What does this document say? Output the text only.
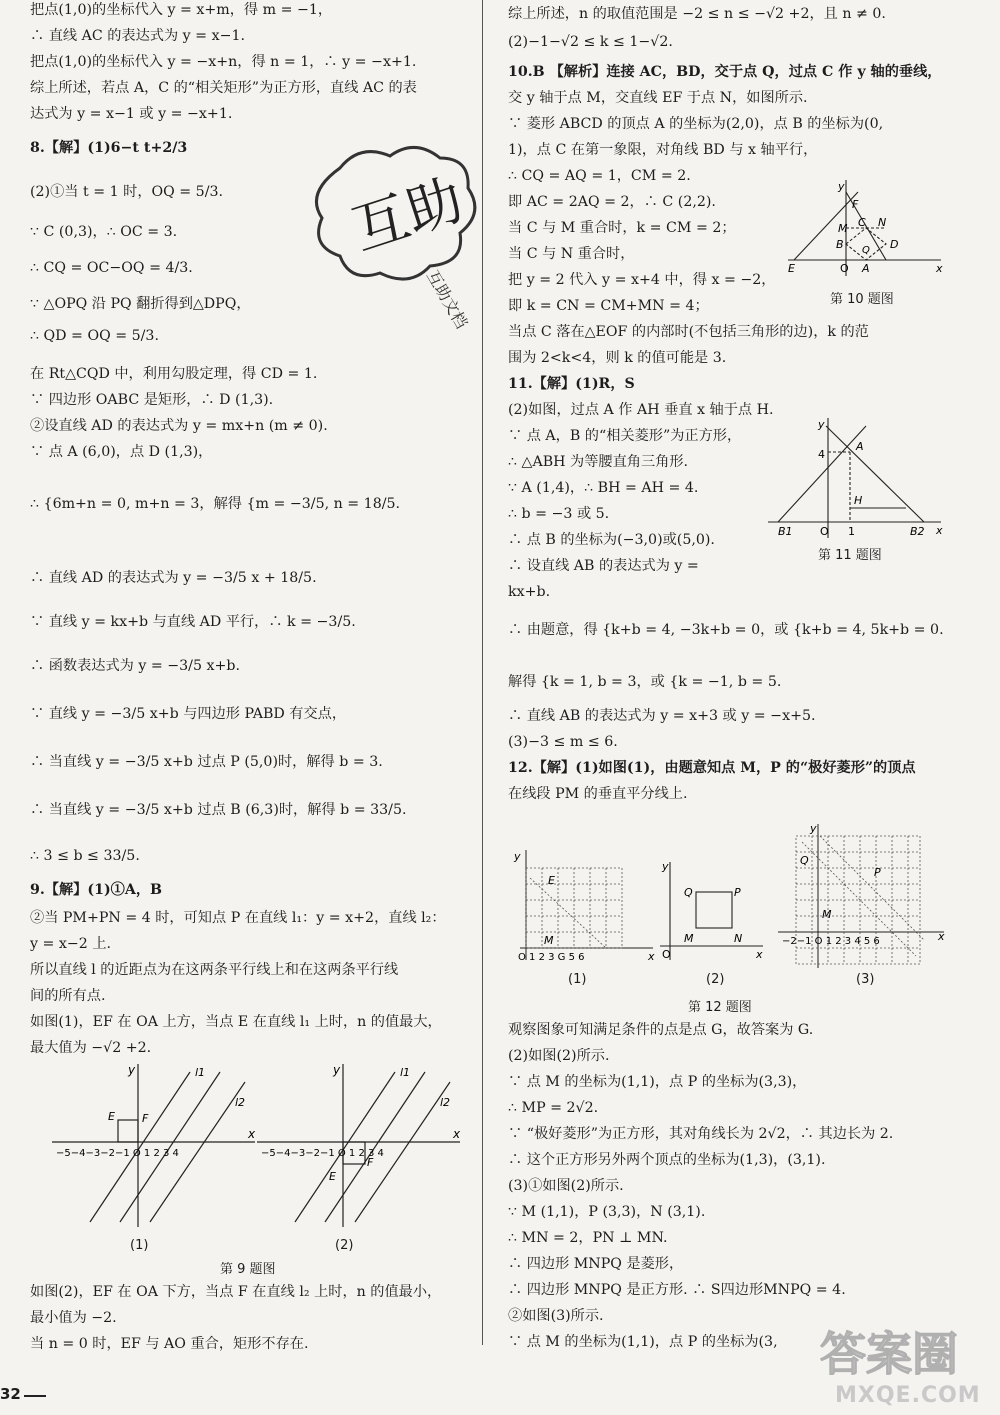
把点(1,0)的坐标代入 y = x+m，得 m = −1，
∴ 直线 AC 的表达式为 y = x−1.
把点(1,0)的坐标代入 y = −x+n，得 n = 1，∴ y = −x+1.
综上所述，若点 A，C 的“相关矩形”为正方形，直线 AC 的表
达式为 y = x−1 或 y = −x+1.
8.【解】(1)6−t t+2/3
(2)①当 t = 1 时，OQ = 5/3.
∵ C (0,3)，∴ OC = 3.
∴ CQ = OC−OQ = 4/3.
∵ △OPQ 沿 PQ 翻折得到△DPQ，
∴ QD = OQ = 5/3.
在 Rt△CQD 中，利用勾股定理，得 CD = 1.
∵ 四边形 OABC 是矩形，∴ D (1,3).
②设直线 AD 的表达式为 y = mx+n (m ≠ 0).
∵ 点 A (6,0)，点 D (1,3)，
∴ {6m+n = 0, m+n = 3，解得 {m = −3/5, n = 18/5.
∴ 直线 AD 的表达式为 y = −3/5 x + 18/5.
∵ 直线 y = kx+b 与直线 AD 平行，∴ k = −3/5.
∴ 函数表达式为 y = −3/5 x+b.
∵ 直线 y = −3/5 x+b 与四边形 PABD 有交点，
∴ 当直线 y = −3/5 x+b 过点 P (5,0)时，解得 b = 3.
∴ 当直线 y = −3/5 x+b 过点 B (6,3)时，解得 b = 33/5.
∴ 3 ≤ b ≤ 33/5.
9.【解】(1)①A，B
②当 PM+PN = 4 时，可知点 P 在直线 l₁：y = x+2，直线 l₂：
y = x−2 上.
所以直线 l 的近距点为在这两条平行线上和在这两条平行线
间的所有点.
如图(1)，EF 在 OA 上方，当点 E 在直线 l₁ 上时，n 的值最大，
最大值为 −√2 +2.
y
x
l1
l2
E F
−5−4−3−2−1 O 1 2 3 4
(1)
y
x
l1
l2
E
F
−5−4−3−2−1 O 1 2 3 4
(2)
第 9 题图
如图(2)，EF 在 OA 下方，当点 F 在直线 l₂ 上时，n 的值最小，
最小值为 −2.
当 n = 0 时，EF 与 AO 重合，矩形不存在.
综上所述，n 的取值范围是 −2 ≤ n ≤ −√2 +2，且 n ≠ 0.
(2)−1−√2 ≤ k ≤ 1−√2.
10.B 【解析】连接 AC，BD，交于点 Q，过点 C 作 y 轴的垂线，
交 y 轴于点 M，交直线 EF 于点 N，如图所示.
∵ 菱形 ABCD 的顶点 A 的坐标为(2,0)，点 B 的坐标为(0,
1)，点 C 在第一象限，对角线 BD 与 x 轴平行，
∴ CQ = AQ = 1，CM = 2.
即 AC = 2AQ = 2，∴ C (2,2).
当 C 与 M 重合时，k = CM = 2；
当 C 与 N 重合时，
把 y = 2 代入 y = x+4 中，得 x = −2，
即 k = CN = CM+MN = 4；
当点 C 落在△EOF 的内部时(不包括三角形的边)，k 的范
围为 2<k<4，则 k 的值可能是 3.
y
x
F
M C N
B	D
Q
E	O A
第 10 题图
11.【解】(1)R，S
(2)如图，过点 A 作 AH 垂直 x 轴于点 H.
∵ 点 A，B 的“相关菱形”为正方形，
∴ △ABH 为等腰直角三角形.
∵ A (1,4)，∴ BH = AH = 4.
∴ b = −3 或 5.
∴ 点 B 的坐标为(−3,0)或(5,0).
∴ 设直线 AB 的表达式为 y =
kx+b.
y
x
4
A
H
B1 O 1	B2
第 11 题图
∴ 由题意，得 {k+b = 4, −3k+b = 0，或 {k+b = 4, 5k+b = 0.
解得 {k = 1, b = 3，或 {k = −1, b = 5.
∴ 直线 AB 的表达式为 y = x+3 或 y = −x+5.
(3)−3 ≤ m ≤ 6.
12.【解】(1)如图(1)，由题意知点 M，P 的“极好菱形”的顶点
在线段 PM 的垂直平分线上.
y
x
E
M
O 1 2 3 G 5 6
(1)
y
x
Q	P
M	N
O
(2)
y
x
Q
P
M
−2−1 O 1 2 3 4 5 6
(3)
第 12 题图
观察图象可知满足条件的点是点 G，故答案为 G.
(2)如图(2)所示.
∵ 点 M 的坐标为(1,1)，点 P 的坐标为(3,3)，
∴ MP = 2√2.
∵ “极好菱形”为正方形，其对角线长为 2√2，∴ 其边长为 2.
∴ 这个正方形另外两个顶点的坐标为(1,3)，(3,1).
(3)①如图(2)所示.
∵ M (1,1)，P (3,3)，N (3,1).
∴ MN = 2，PN ⊥ MN.
∴ 四边形 MNPQ 是菱形，
∴ 四边形 MNPQ 是正方形. ∴ S四边形MNPQ = 4.
②如图(3)所示.
∵ 点 M 的坐标为(1,1)，点 P 的坐标为(3,
互助
互助文档
答案圈
MXQE.COM
32
